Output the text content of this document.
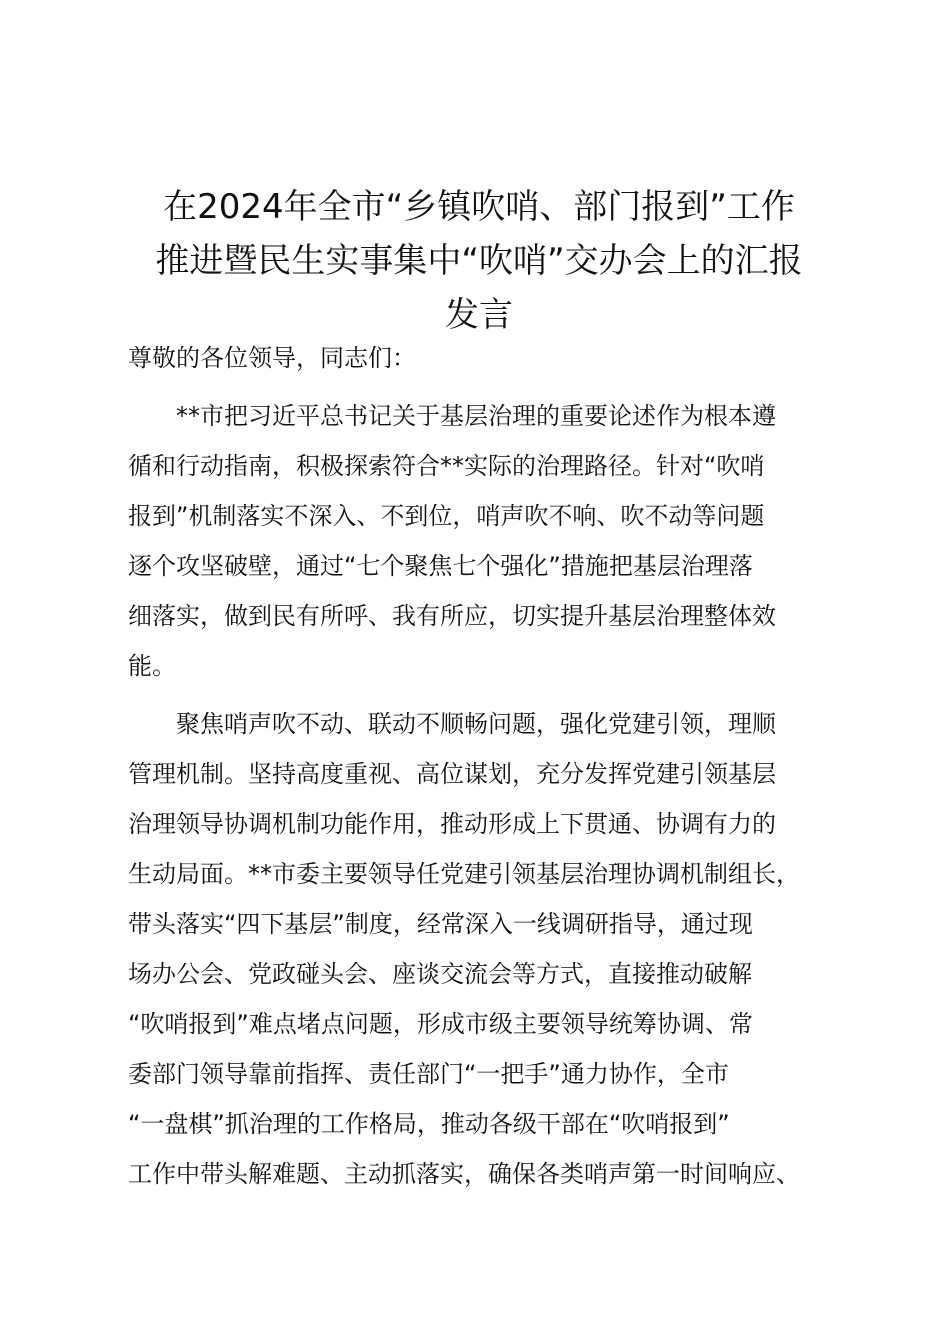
在2024年全市“乡镇吹哨、部门报到”工作
推进暨民生实事集中“吹哨”交办会上的汇报
发言
尊敬的各位领导，同志们：
　　**市把习近平总书记关于基层治理的重要论述作为根本遵
循和行动指南，积极探索符合**实际的治理路径。针对“吹哨
报到”机制落实不深入、不到位，哨声吹不响、吹不动等问题
逐个攻坚破壁，通过“七个聚焦七个强化”措施把基层治理落
细落实，做到民有所呼、我有所应，切实提升基层治理整体效
能。
　　聚焦哨声吹不动、联动不顺畅问题，强化党建引领，理顺
管理机制。坚持高度重视、高位谋划，充分发挥党建引领基层
治理领导协调机制功能作用，推动形成上下贯通、协调有力的
生动局面。**市委主要领导任党建引领基层治理协调机制组长，
带头落实“四下基层”制度，经常深入一线调研指导，通过现
场办公会、党政碰头会、座谈交流会等方式，直接推动破解
“吹哨报到”难点堵点问题，形成市级主要领导统筹协调、常
委部门领导靠前指挥、责任部门“一把手”通力协作，全市
“一盘棋”抓治理的工作格局，推动各级干部在“吹哨报到”
工作中带头解难题、主动抓落实，确保各类哨声第一时间响应、
